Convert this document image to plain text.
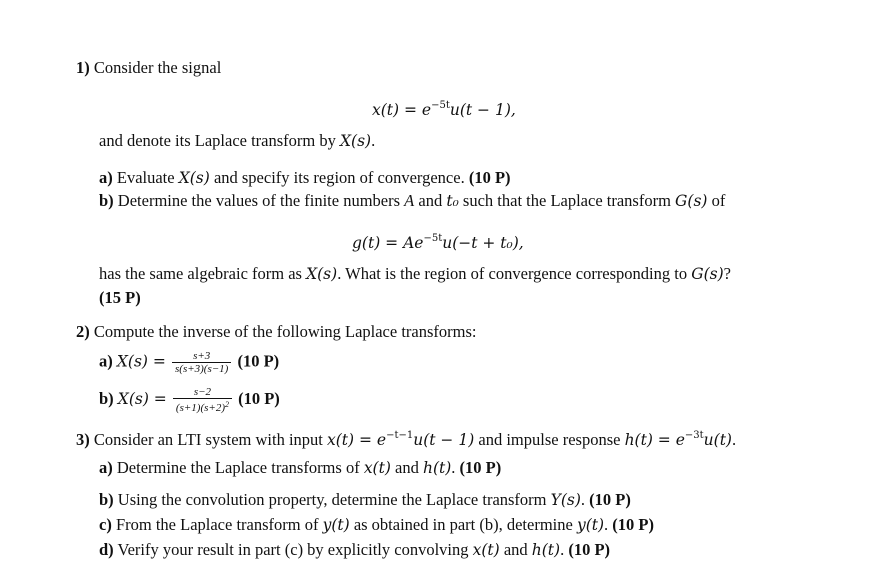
1) Consider the signal
$x(t) = e^{-5t}u(t - 1)$,
and denote its Laplace transform by X(s).
a) Evaluate X(s) and specify its region of convergence. (10 P)
b) Determine the values of the finite numbers A and t₀ such that the Laplace transform G(s) of
$g(t) = Ae^{-5t}u(-t + t_0)$,
has the same algebraic form as X(s). What is the region of convergence corresponding to G(s)?
(15 P)
2) Compute the inverse of the following Laplace transforms:
a) $X(s) = \frac{s+3}{s(s+3)(s-1)} (10$ P)
b) $X(s) = \frac{s-2}{(s+1)(s+2)^2} (10$ P)
3) Consider an LTI system with input $x(t) = e^{-t-1}u(t - 1)$ and impulse response $h(t) = e^{-3t}u(t)$.
a) Determine the Laplace transforms of x(t) and h(t). (10 P)
b) Using the convolution property, determine the Laplace transform Y(s). (10 P)
c) From the Laplace transform of y(t) as obtained in part (b), determine y(t). (10 P)
d) Verify your result in part (c) by explicitly convolving x(t) and h(t). (10 P)
